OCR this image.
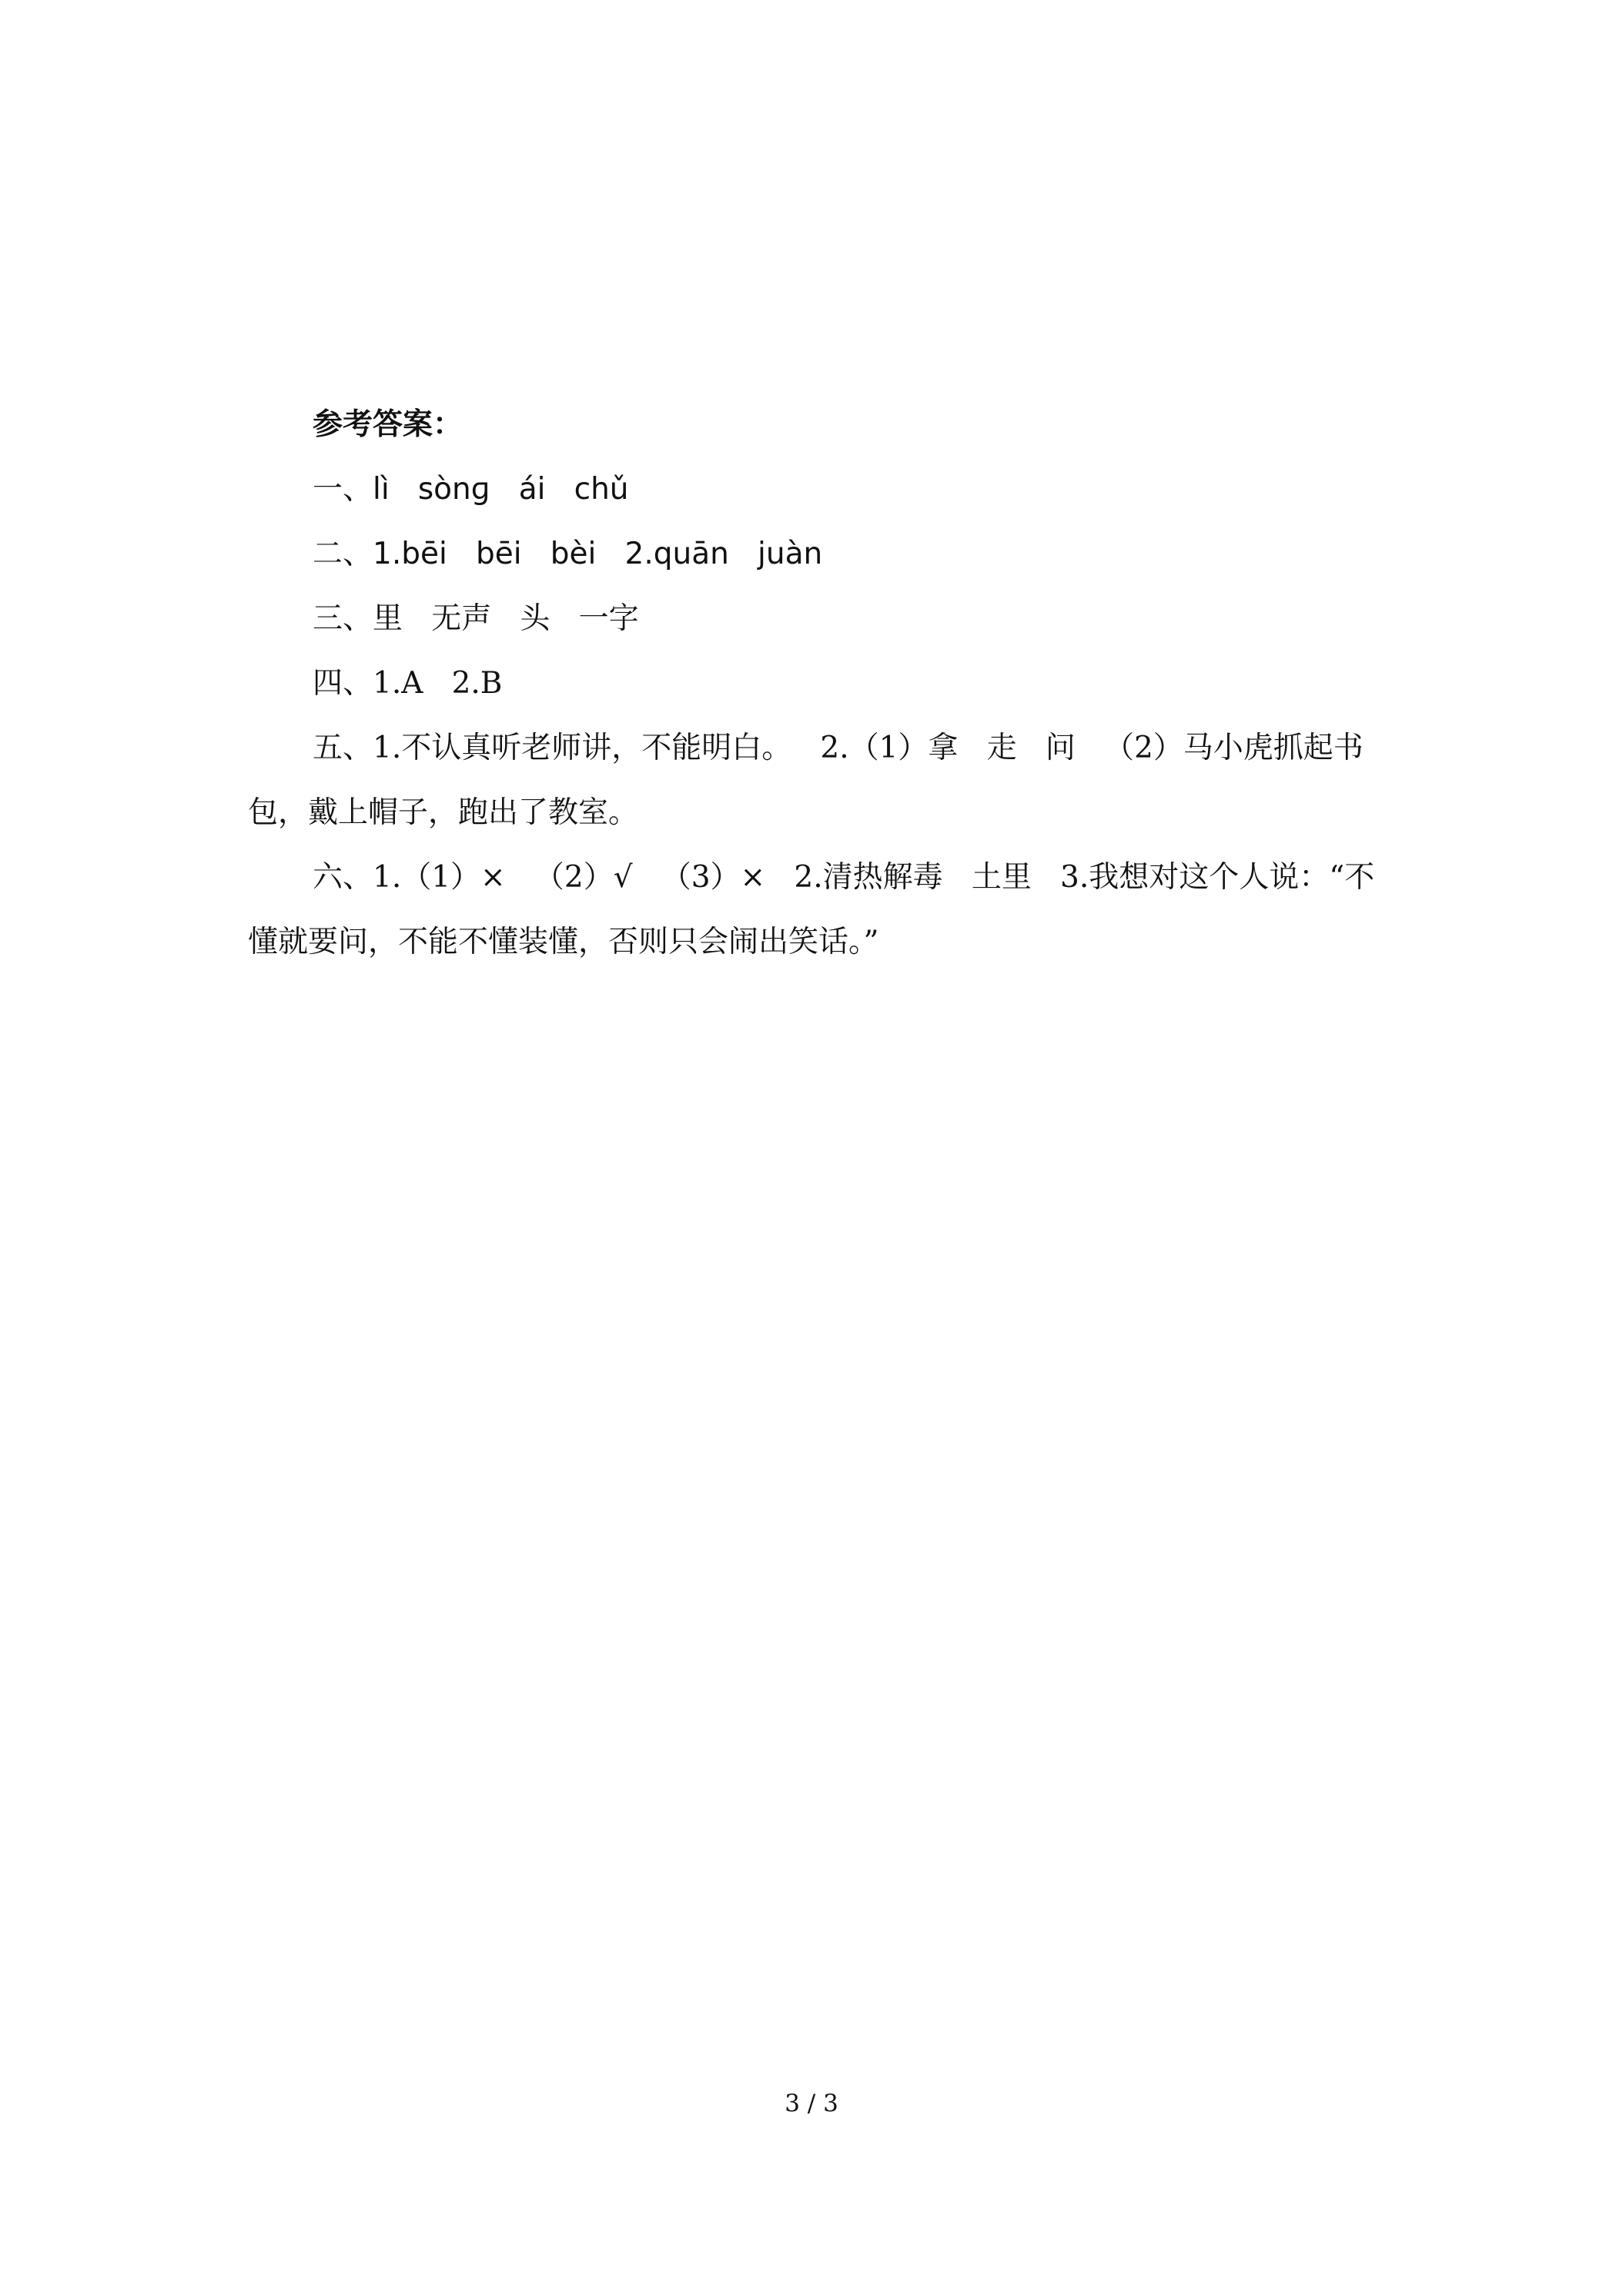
参考答案：

一、lì   sònɡ   ái   chǔ

二、1.bēi   bēi   bèi   2.quān   juàn

三、里   无声   头   一字

四、1.A   2.B

五、1.不认真听老师讲，不能明白。   2.（1）拿   走   问   （2）马小虎抓起书包，戴上帽子，跑出了教室。

六、1.（1）×   （2）√   （3）×   2.清热解毒   土里   3.我想对这个人说：“不懂就要问，不能不懂装懂，否则只会闹出笑话。”

3 / 3
